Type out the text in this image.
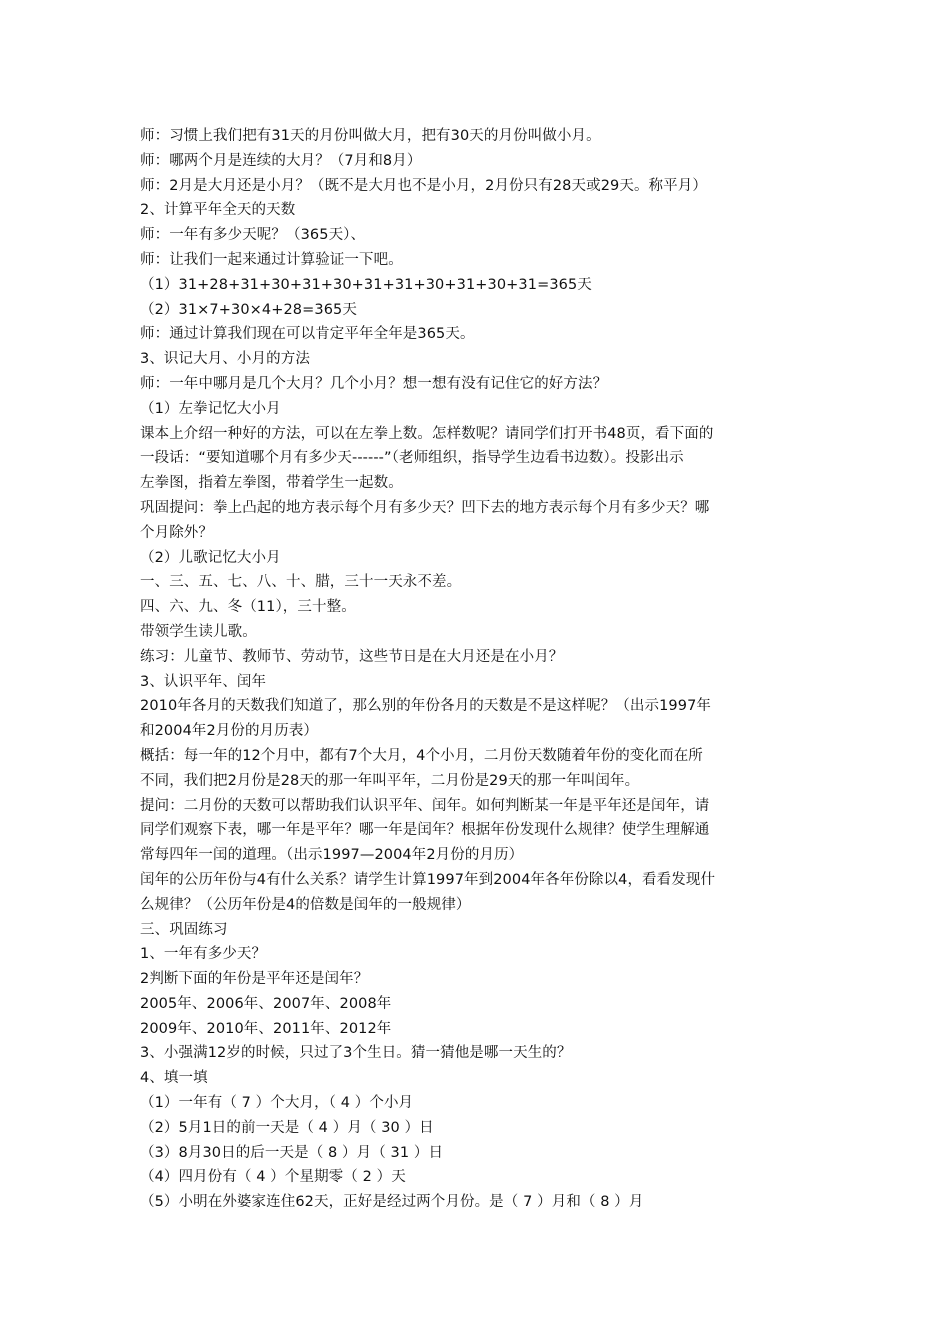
师：习惯上我们把有31天的月份叫做大月，把有30天的月份叫做小月。
师：哪两个月是连续的大月？（7月和8月）
师：2月是大月还是小月？（既不是大月也不是小月，2月份只有28天或29天。称平月）
2、计算平年全天的天数
师：一年有多少天呢？（365天）、
师：让我们一起来通过计算验证一下吧。
（1）31+28+31+30+31+30+31+31+30+31+30+31=365天
（2）31×7+30×4+28=365天
师：通过计算我们现在可以肯定平年全年是365天。
3、识记大月、小月的方法
师：一年中哪月是几个大月？几个小月？想一想有没有记住它的好方法？
（1）左拳记忆大小月
课本上介绍一种好的方法，可以在左拳上数。怎样数呢？请同学们打开书48页，看下面的
一段话：“要知道哪个月有多少天------”（老师组织，指导学生边看书边数）。投影出示
左拳图，指着左拳图，带着学生一起数。
巩固提问：拳上凸起的地方表示每个月有多少天？凹下去的地方表示每个月有多少天？哪
个月除外？
（2）儿歌记忆大小月
一、三、五、七、八、十、腊，三十一天永不差。
四、六、九、冬（11），三十整。
带领学生读儿歌。
练习：儿童节、教师节、劳动节，这些节日是在大月还是在小月？
3、认识平年、闰年
2010年各月的天数我们知道了，那么别的年份各月的天数是不是这样呢？（出示1997年
和2004年2月份的月历表）
概括：每一年的12个月中，都有7个大月，4个小月，二月份天数随着年份的变化而在所
不同，我们把2月份是28天的那一年叫平年，二月份是29天的那一年叫闰年。
提问：二月份的天数可以帮助我们认识平年、闰年。如何判断某一年是平年还是闰年，请
同学们观察下表，哪一年是平年？哪一年是闰年？根据年份发现什么规律？使学生理解通
常每四年一闰的道理。（出示1997—2004年2月份的月历）
闰年的公历年份与4有什么关系？请学生计算1997年到2004年各年份除以4，看看发现什
么规律？（公历年份是4的倍数是闰年的一般规律）
三、巩固练习
1、一年有多少天？
2判断下面的年份是平年还是闰年？
2005年、2006年、2007年、2008年
2009年、2010年、2011年、2012年
3、小强满12岁的时候，只过了3个生日。猜一猜他是哪一天生的？
4、填一填
（1）一年有（ 7 ）个大月，（ 4 ）个小月
（2）5月1日的前一天是（ 4 ）月（ 30 ）日
（3）8月30日的后一天是（ 8 ）月（ 31 ）日
（4）四月份有（ 4 ）个星期零（ 2 ）天
（5）小明在外婆家连住62天，正好是经过两个月份。是（ 7 ）月和（ 8 ）月
